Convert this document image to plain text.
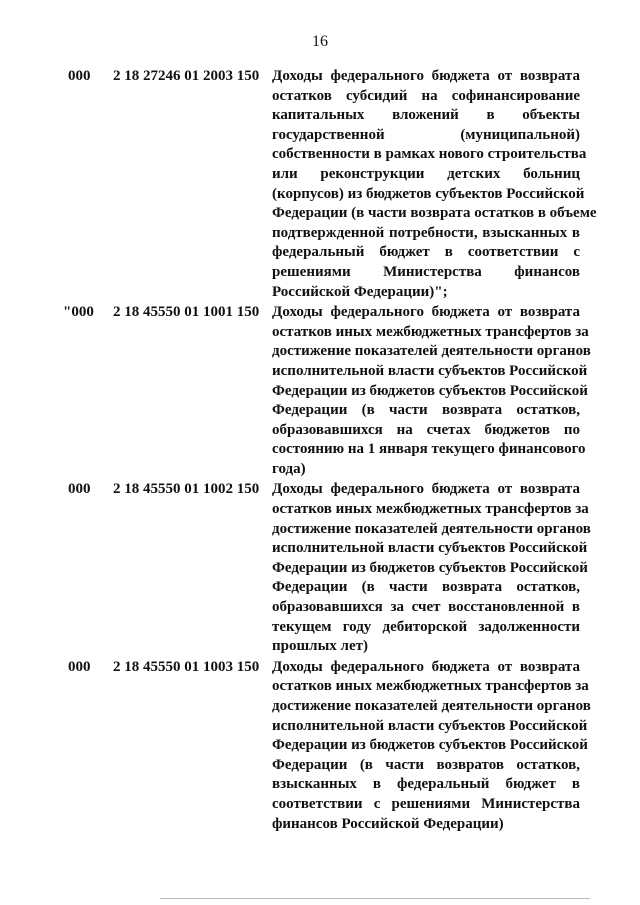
16
000 2 18 27246 01 2003 150 Доходы федерального бюджета от возврата
остатков субсидий на софинансирование
капитальных вложений в объекты
государственной (муниципальной)
собственности в рамках нового строительства
или реконструкции детских больниц
(корпусов) из бюджетов субъектов Российской
Федерации (в части возврата остатков в объеме
подтвержденной потребности, взысканных в
федеральный бюджет в соответствии с
решениями Министерства финансов
Российской Федерации)";
"000 2 18 45550 01 1001 150 Доходы федерального бюджета от возврата
остатков иных межбюджетных трансфертов за
достижение показателей деятельности органов
исполнительной власти субъектов Российской
Федерации из бюджетов субъектов Российской
Федерации (в части возврата остатков,
образовавшихся на счетах бюджетов по
состоянию на 1 января текущего финансового
года)
000 2 18 45550 01 1002 150 Доходы федерального бюджета от возврата
остатков иных межбюджетных трансфертов за
достижение показателей деятельности органов
исполнительной власти субъектов Российской
Федерации из бюджетов субъектов Российской
Федерации (в части возврата остатков,
образовавшихся за счет восстановленной в
текущем году дебиторской задолженности
прошлых лет)
000 2 18 45550 01 1003 150 Доходы федерального бюджета от возврата
остатков иных межбюджетных трансфертов за
достижение показателей деятельности органов
исполнительной власти субъектов Российской
Федерации из бюджетов субъектов Российской
Федерации (в части возвратов остатков,
взысканных в федеральный бюджет в
соответствии с решениями Министерства
финансов Российской Федерации)
